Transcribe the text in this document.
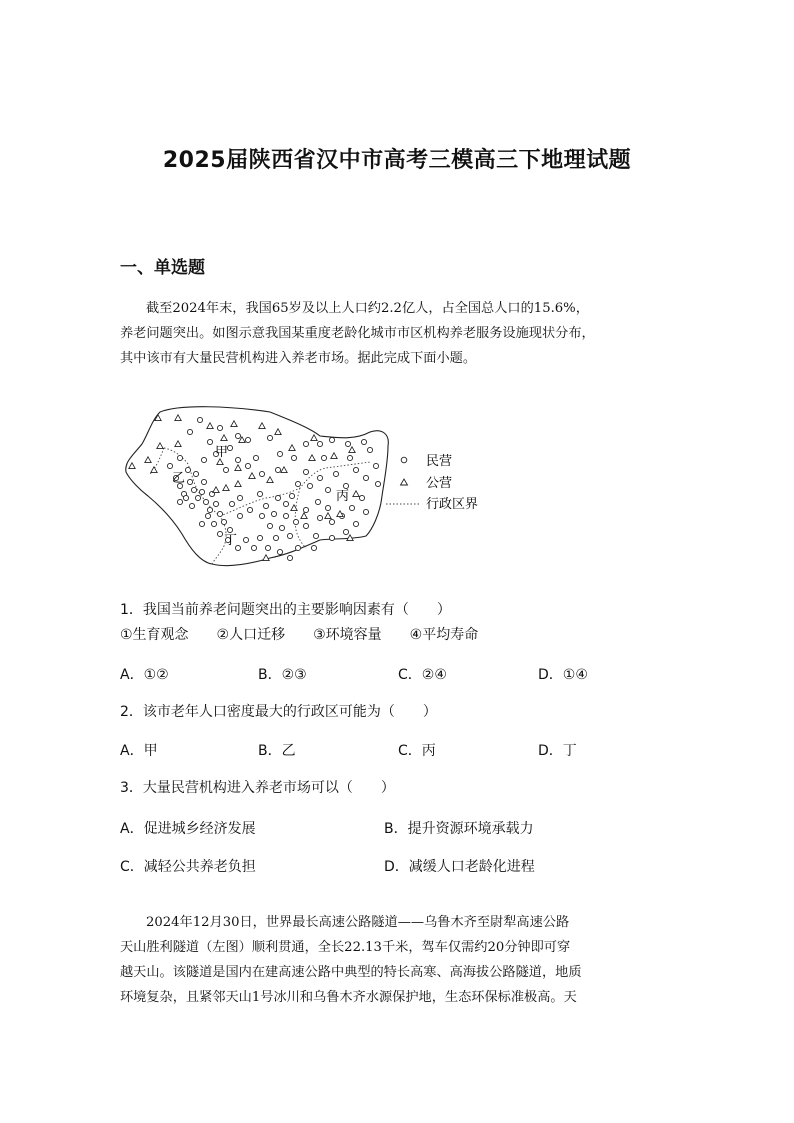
2025届陕西省汉中市高考三模高三下地理试题
一、单选题

截至2024年末，我国65岁及以上人口约2.2亿人，占全国总人口的15.6%，

养老问题突出。如图示意我国某重度老龄化城市市区机构养老服务设施现状分布，

其中该市有大量民营机构进入养老市场。据此完成下面小题。

甲
乙
丙
丁
民营
公营
行政区界
1．我国当前养老问题突出的主要影响因素有（　　）
①生育观念　　②人口迁移　　③环境容量　　④平均寿命
A．①②	B．②③	C．②④	D．①④
2．该市老年人口密度最大的行政区可能为（　　）
A．甲	B．乙	C．丙	D．丁
3．大量民营机构进入养老市场可以（　　）
A．促进城乡经济发展	B．提升资源环境承载力
C．减轻公共养老负担	D．减缓人口老龄化进程

2024年12月30日，世界最长高速公路隧道——乌鲁木齐至尉犁高速公路

天山胜利隧道（左图）顺利贯通，全长22.13千米，驾车仅需约20分钟即可穿

越天山。该隧道是国内在建高速公路中典型的特长高寒、高海拔公路隧道，地质

环境复杂，且紧邻天山1号冰川和乌鲁木齐水源保护地，生态环保标准极高。天
